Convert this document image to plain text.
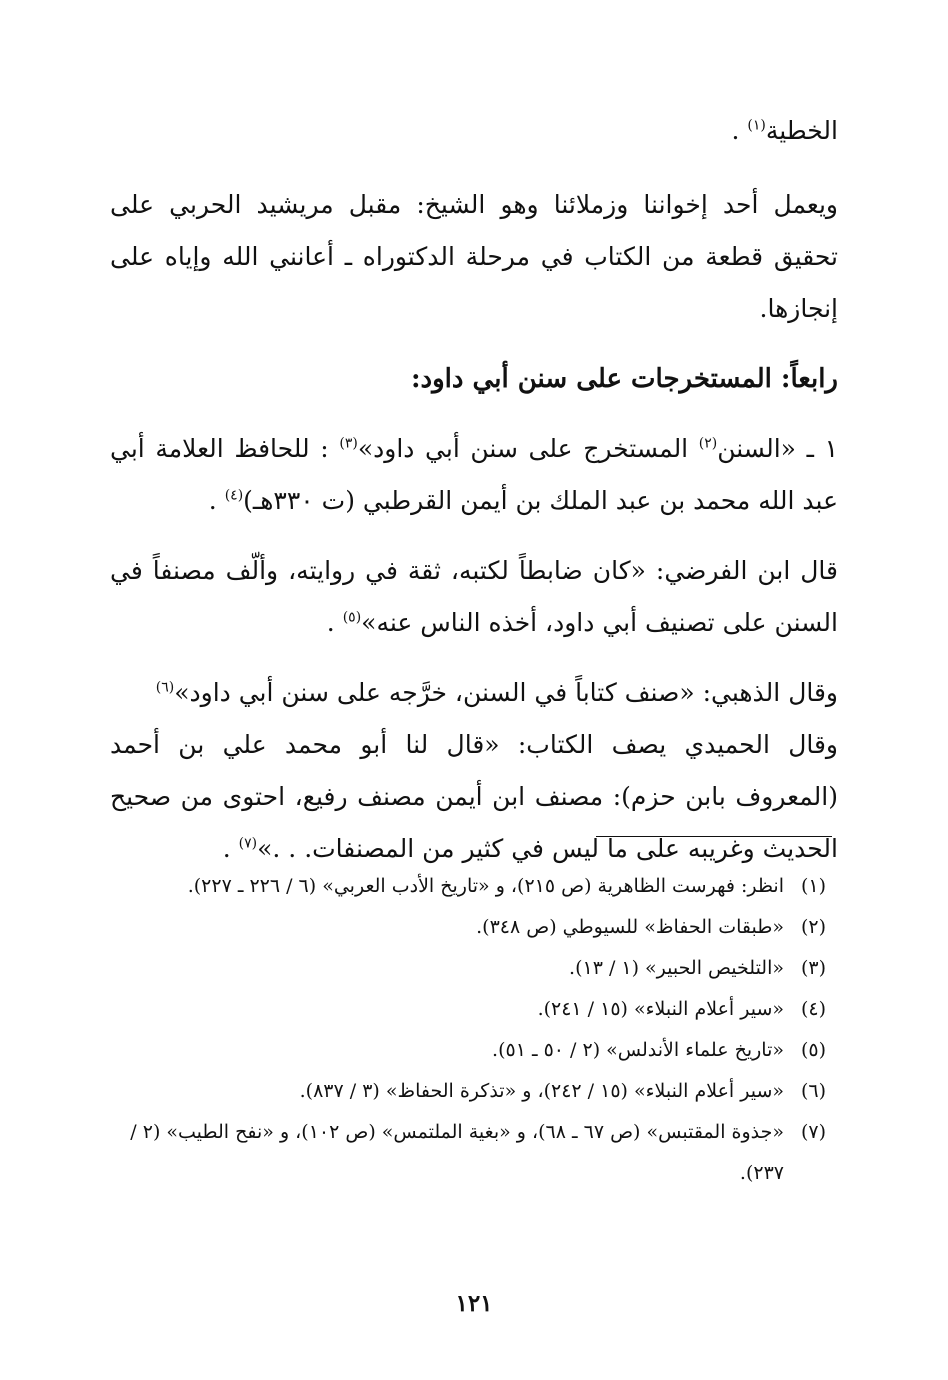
الخطية$^{(١)}$ .

ويعمل أحد إخواننا وزملائنا وهو الشيخ: مقبل مريشيد الحربي على تحقيق قطعة من الكتاب في مرحلة الدكتوراه ـ أعانني الله وإياه على إنجازها.

رابعاً: المستخرجات على سنن أبي داود:

١ ـ «السنن$^{(٢)}$ المستخرج على سنن أبي داود»$^{(٣)}$ : للحافظ العلامة أبي عبد الله محمد بن عبد الملك بن أيمن القرطبي (ت ٣٣٠هـ)$^{(٤)}$ .

قال ابن الفرضي: «كان ضابطاً لكتبه، ثقة في روايته، وألّف مصنفاً في السنن على تصنيف أبي داود، أخذه الناس عنه»$^{(٥)}$ .

وقال الذهبي: «صنف كتاباً في السنن، خرَّجه على سنن أبي داود»$^{(٦)}$

وقال الحميدي يصف الكتاب: «قال لنا أبو محمد علي بن أحمد (المعروف بابن حزم): مصنف ابن أيمن مصنف رفيع، احتوى من صحيح الحديث وغريبه على ما ليس في كثير من المصنفات. . .»$^{(٧)}$ .

(١)
انظر: فهرست الظاهرية (ص ٢١٥)، و «تاريخ الأدب العربي» (٦ / ٢٢٦ ـ ٢٢٧).
(٢)
«طبقات الحفاظ» للسيوطي (ص ٣٤٨).
(٣)
«التلخيص الحبير» (١ / ١٣).
(٤)
«سير أعلام النبلاء» (١٥ / ٢٤١).
(٥)
«تاريخ علماء الأندلس» (٢ / ٥٠ ـ ٥١).
(٦)
«سير أعلام النبلاء» (١٥ / ٢٤٢)، و «تذكرة الحفاظ» (٣ / ٨٣٧).
(٧)
«جذوة المقتبس» (ص ٦٧ ـ ٦٨)، و «بغية الملتمس» (ص ١٠٢)، و «نفح الطيب» (٢ / ٢٣٧).
١٢١
